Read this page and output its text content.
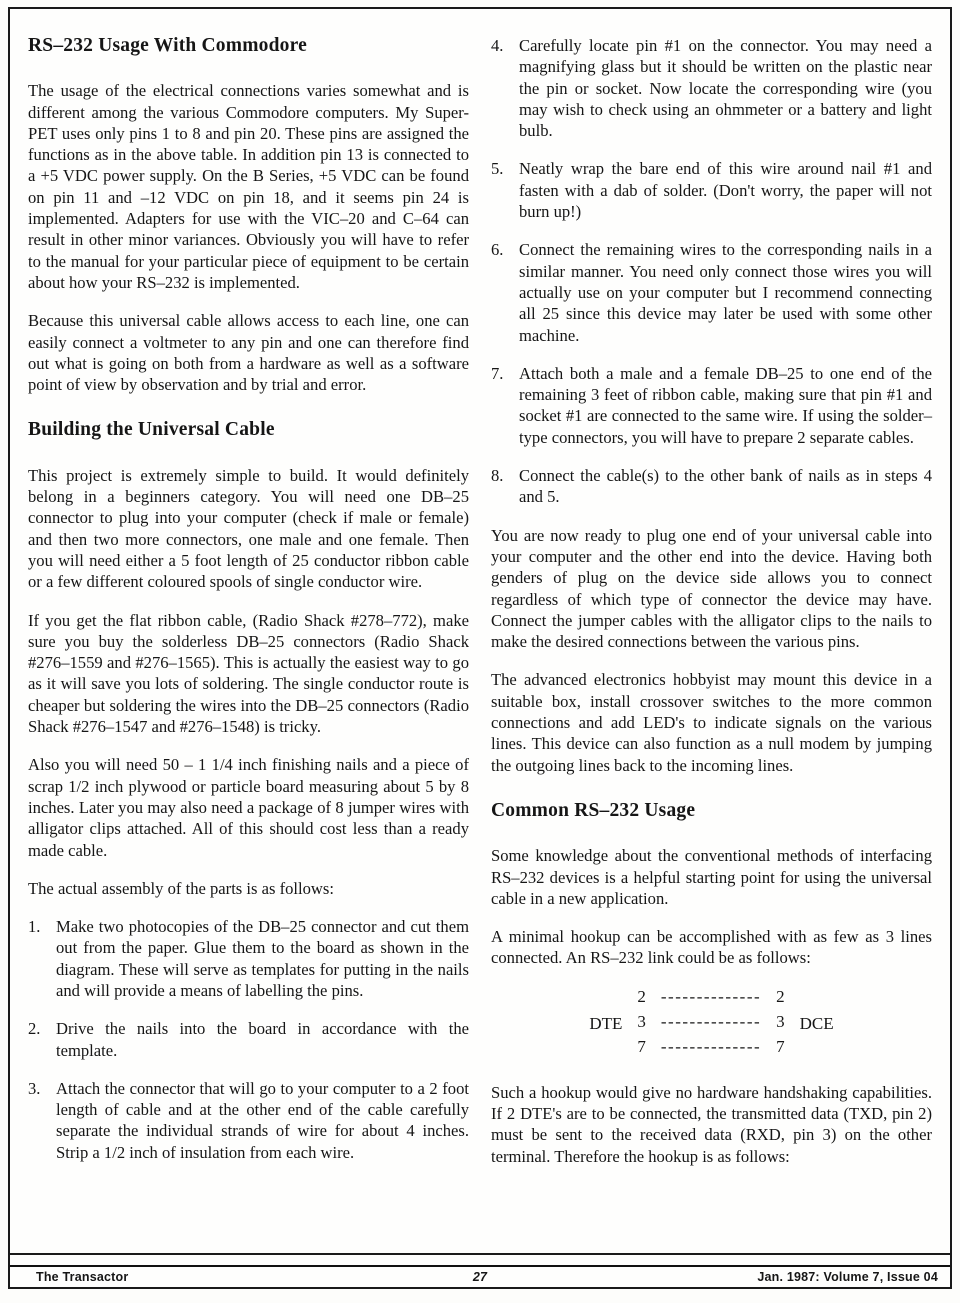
RS–232 Usage With Commodore

The usage of the electrical connections varies somewhat and is different among the various Commodore computers. My Super-PET uses only pins 1 to 8 and pin 20. These pins are assigned the functions as in the above table. In addition pin 13 is connected to a +5 VDC power supply. On the B Series, +5 VDC can be found on pin 11 and –12 VDC on pin 18, and it seems pin 24 is implemented. Adapters for use with the VIC–20 and C–64 can result in other minor variances. Obviously you will have to refer to the manual for your particular piece of equipment to be certain about how your RS–232 is implemented.

Because this universal cable allows access to each line, one can easily connect a voltmeter to any pin and one can therefore find out what is going on both from a hardware as well as a software point of view by observation and by trial and error.

Building the Universal Cable

This project is extremely simple to build. It would definitely belong in a beginners category. You will need one DB–25 connector to plug into your computer (check if male or female) and then two more connectors, one male and one female. Then you will need either a 5 foot length of 25 conductor ribbon cable or a few different coloured spools of single conductor wire.

If you get the flat ribbon cable, (Radio Shack #278–772), make sure you buy the solderless DB–25 connectors (Radio Shack #276–1559 and #276–1565). This is actually the easiest way to go as it will save you lots of soldering. The single conductor route is cheaper but soldering the wires into the DB–25 connectors (Radio Shack #276–1547 and #276–1548) is tricky.

Also you will need 50 – 1 1/4 inch finishing nails and a piece of scrap 1/2 inch plywood or particle board measuring about 5 by 8 inches. Later you may also need a package of 8 jumper wires with alligator clips attached. All of this should cost less than a ready made cable.

The actual assembly of the parts is as follows:

1. Make two photocopies of the DB–25 connector and cut them out from the paper. Glue them to the board as shown in the diagram. These will serve as templates for putting in the nails and will provide a means of labelling the pins.
2. Drive the nails into the board in accordance with the template.
3. Attach the connector that will go to your computer to a 2 foot length of cable and at the other end of the cable carefully separate the individual strands of wire for about 4 inches. Strip a 1/2 inch of insulation from each wire.
4. Carefully locate pin #1 on the connector. You may need a magnifying glass but it should be written on the plastic near the pin or socket. Now locate the corresponding wire (you may wish to check using an ohmmeter or a battery and light bulb.
5. Neatly wrap the bare end of this wire around nail #1 and fasten with a dab of solder. (Don't worry, the paper will not burn up!)
6. Connect the remaining wires to the corresponding nails in a similar manner. You need only connect those wires you will actually use on your computer but I recommend connecting all 25 since this device may later be used with some other machine.
7. Attach both a male and a female DB–25 to one end of the remaining 3 feet of ribbon cable, making sure that pin #1 and socket #1 are connected to the same wire. If using the solder–type connectors, you will have to prepare 2 separate cables.
8. Connect the cable(s) to the other bank of nails as in steps 4 and 5.

You are now ready to plug one end of your universal cable into your computer and the other end into the device. Having both genders of plug on the device side allows you to connect regardless of which type of connector the device may have. Connect the jumper cables with the alligator clips to the nails to make the desired connections between the various pins.

The advanced electronics hobbyist may mount this device in a suitable box, install crossover switches to the more common connections and add LED's to indicate signals on the various lines. This device can also function as a null modem by jumping the outgoing lines back to the incoming lines.

Common RS–232 Usage

Some knowledge about the conventional methods of interfacing RS–232 devices is a helpful starting point for using the universal cable in a new application.

A minimal hookup can be accomplished with as few as 3 lines connected. An RS–232 link could be as follows:

DTE
2 -------------- 2
3 -------------- 3
7 -------------- 7
DCE

Such a hookup would give no hardware handshaking capabilities. If 2 DTE's are to be connected, the transmitted data (TXD, pin 2) must be sent to the received data (RXD, pin 3) on the other terminal. Therefore the hookup is as follows:

The Transactor	27	Jan. 1987: Volume 7, Issue 04
